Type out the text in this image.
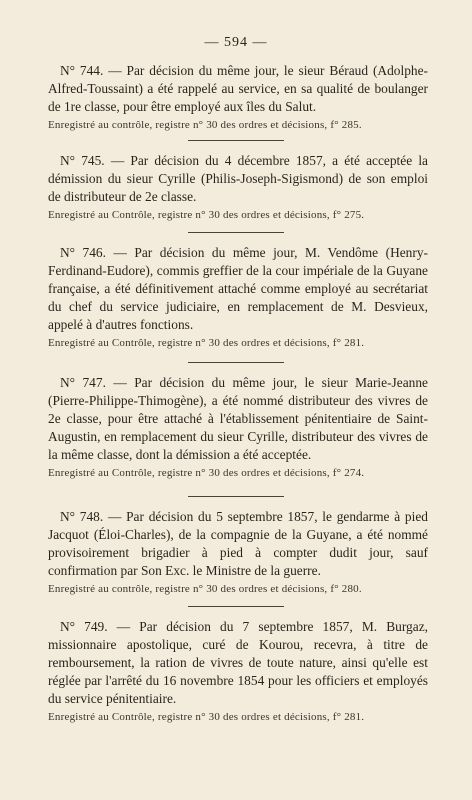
— 594 —
N° 744. — Par décision du même jour, le sieur Béraud (Adolphe-Alfred-Toussaint) a été rappelé au service, en sa qualité de boulanger de 1re classe, pour être employé aux îles du Salut.
Enregistré au contrôle, registre n° 30 des ordres et décisions, f° 285.
N° 745. — Par décision du 4 décembre 1857, a été acceptée la démission du sieur Cyrille (Philis-Joseph-Sigismond) de son emploi de distributeur de 2e classe.
Enregistré au Contrôle, registre n° 30 des ordres et décisions, f° 275.
N° 746. — Par décision du même jour, M. Vendôme (Henry-Ferdinand-Eudore), commis greffier de la cour impériale de la Guyane française, a été définitivement attaché comme employé au secrétariat du chef du service judiciaire, en remplacement de M. Desvieux, appelé à d'autres fonctions.
Enregistré au Contrôle, registre n° 30 des ordres et décisions, f° 281.
N° 747. — Par décision du même jour, le sieur Marie-Jeanne (Pierre-Philippe-Thimogène), a été nommé distributeur des vivres de 2e classe, pour être attaché à l'établissement pénitentiaire de Saint-Augustin, en remplacement du sieur Cyrille, distributeur des vivres de la même classe, dont la démission a été acceptée.
Enregistré au Contrôle, registre n° 30 des ordres et décisions, f° 274.
N° 748. — Par décision du 5 septembre 1857, le gendarme à pied Jacquot (Éloi-Charles), de la compagnie de la Guyane, a été nommé provisoirement brigadier à pied à compter dudit jour, sauf confirmation par Son Exc. le Ministre de la guerre.
Enregistré au contrôle, registre n° 30 des ordres et décisions, f° 280.
N° 749. — Par décision du 7 septembre 1857, M. Burgaz, missionnaire apostolique, curé de Kourou, recevra, à titre de remboursement, la ration de vivres de toute nature, ainsi qu'elle est réglée par l'arrêté du 16 novembre 1854 pour les officiers et employés du service pénitentiaire.
Enregistré au Contrôle, registre n° 30 des ordres et décisions, f° 281.
